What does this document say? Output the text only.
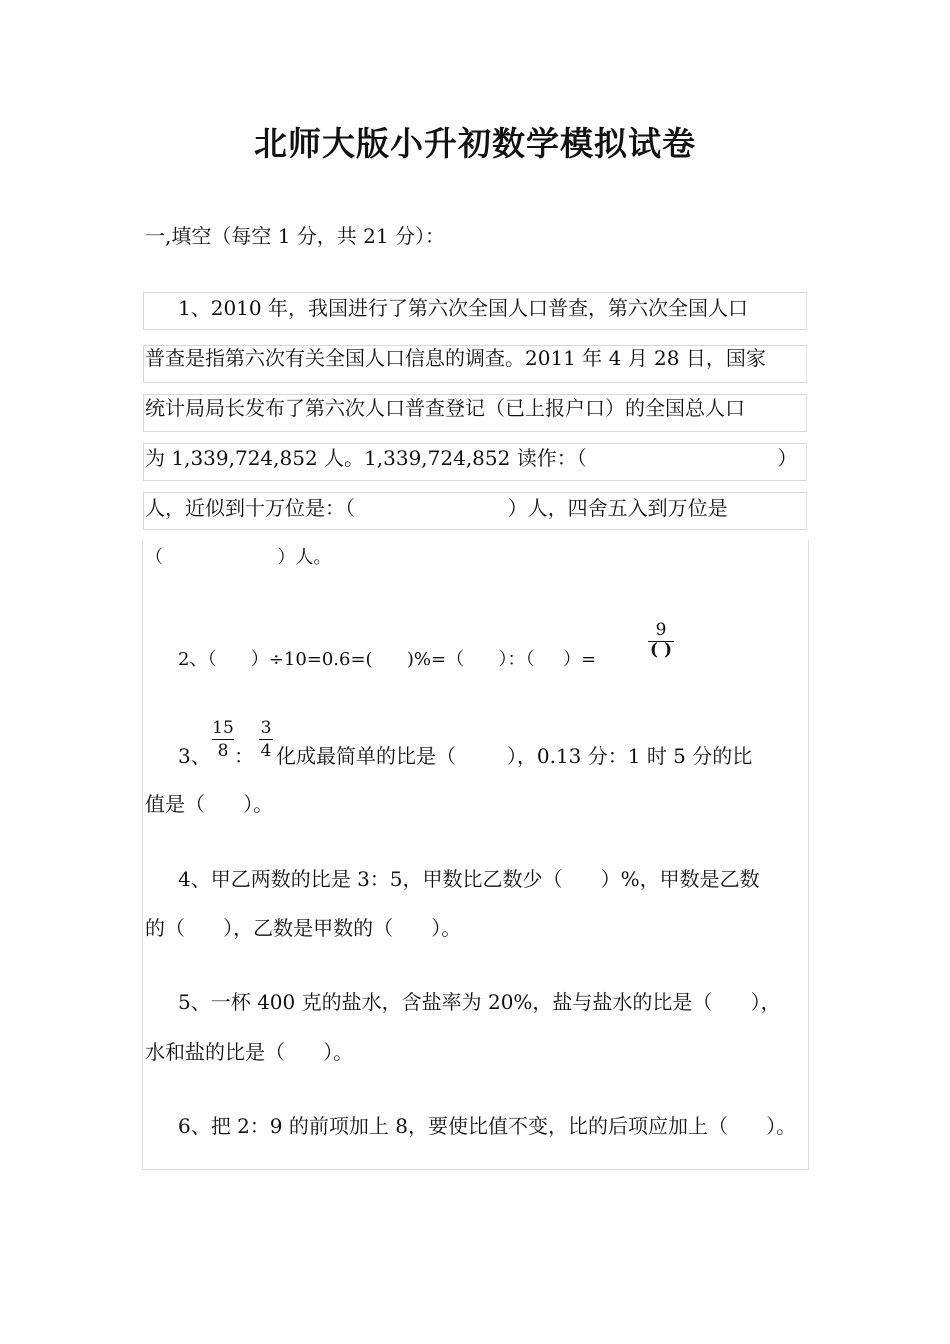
北师大版小升初数学模拟试卷
一,填空（每空 1 分，共 21 分）：
1、2010 年，我国进行了第六次全国人口普查，第六次全国人口
普查是指第六次有关全国人口信息的调查。2011 年 4 月 28 日，国家
统计局局长发布了第六次人口普查登记（已上报户口）的全国总人口
为 1,339,724,852 人。1,339,724,852 读作：（                              ）
人，近似到十万位是：（                        ）人，四舍五入到万位是
（                    ）人。
2、（      ）÷10=0.6=(      )%=（      ）：（     ）=
9
( )
3、
15
8 ：
3
4 化成最简单的比是（        ），0.13 分：1 时 5 分的比
值是（      ）。
4、甲乙两数的比是 3：5，甲数比乙数少（      ）%，甲数是乙数
的（      ），乙数是甲数的（      ）。
5、一杯 400 克的盐水，含盐率为 20%，盐与盐水的比是（      ），
水和盐的比是（      ）。
6、把 2：9 的前项加上 8，要使比值不变，比的后项应加上（      ）。
